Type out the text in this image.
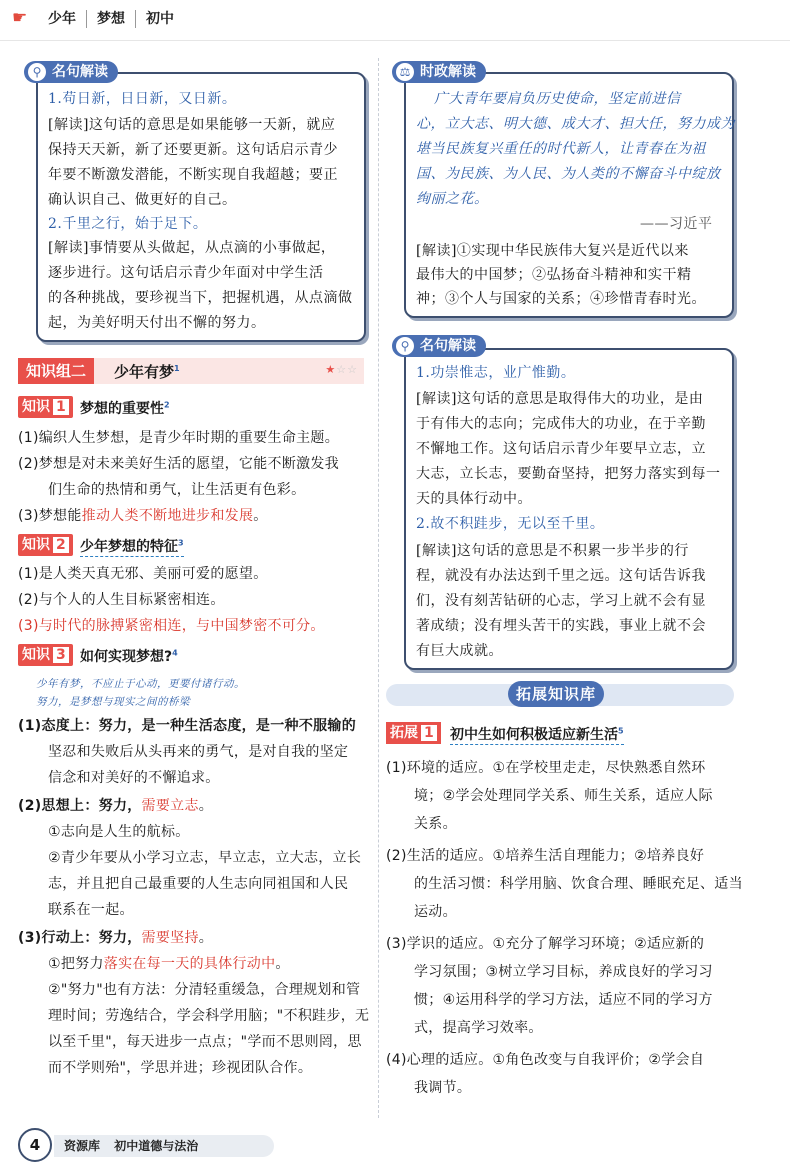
☛	少年	梦想	初中
⚲ 名句解读
1.苟日新，日日新，又日新。
[解读]这句话的意思是如果能够一天新，就应
保持天天新，新了还要更新。这句话启示青少
年要不断激发潜能，不断实现自我超越；要正
确认识自己、做更好的自己。
2.千里之行，始于足下。
[解读]事情要从头做起，从点滴的小事做起，
逐步进行。这句话启示青少年面对中学生活
的各种挑战，要珍视当下，把握机遇，从点滴做
起，为美好明天付出不懈的努力。
知识组二	少年有梦$^1$	★☆☆
知识 1	梦想的重要性$^2$
(1)编织人生梦想，是青少年时期的重要生命主题。
(2)梦想是对未来美好生活的愿望，它能不断激发我
们生命的热情和勇气，让生活更有色彩。
(3)梦想能推动人类不断地进步和发展。
知识 2	少年梦想的特征$^3$
(1)是人类天真无邪、美丽可爱的愿望。
(2)与个人的人生目标紧密相连。
(3)与时代的脉搏紧密相连，与中国梦密不可分。
知识 3	如何实现梦想?$^4$
少年有梦，不应止于心动，更要付诸行动。
努力，是梦想与现实之间的桥梁
(1)态度上：努力，是一种生活态度，是一种不服输的
坚忍和失败后从头再来的勇气，是对自我的坚定
信念和对美好的不懈追求。
(2)思想上：努力，需要立志。
①志向是人生的航标。
②青少年要从小学习立志，早立志，立大志，立长
志，并且把自己最重要的人生志向同祖国和人民
联系在一起。
(3)行动上：努力，需要坚持。
①把努力落实在每一天的具体行动中。
②"努力"也有方法：分清轻重缓急，合理规划和管
理时间；劳逸结合，学会科学用脑；"不积跬步，无
以至千里"，每天进步一点点；"学而不思则罔，思
而不学则殆"，学思并进；珍视团队合作。
⚖ 时政解读
广大青年要肩负历史使命，坚定前进信
心，立大志、明大德、成大才、担大任，努力成为
堪当民族复兴重任的时代新人，让青春在为祖
国、为民族、为人民、为人类的不懈奋斗中绽放
绚丽之花。
——习近平
[解读]①实现中华民族伟大复兴是近代以来
最伟大的中国梦；②弘扬奋斗精神和实干精
神；③个人与国家的关系；④珍惜青春时光。
⚲ 名句解读
1.功崇惟志，业广惟勤。
[解读]这句话的意思是取得伟大的功业，是由
于有伟大的志向；完成伟大的功业，在于辛勤
不懈地工作。这句话启示青少年要早立志，立
大志，立长志，要勤奋坚持，把努力落实到每一
天的具体行动中。
2.故不积跬步，无以至千里。
[解读]这句话的意思是不积累一步半步的行
程，就没有办法达到千里之远。这句话告诉我
们，没有刻苦钻研的心志，学习上就不会有显
著成绩；没有埋头苦干的实践，事业上就不会
有巨大成就。
拓展知识库
拓展 1	初中生如何积极适应新生活$^5$
(1)环境的适应。①在学校里走走，尽快熟悉自然环
境；②学会处理同学关系、师生关系，适应人际
关系。
(2)生活的适应。①培养生活自理能力；②培养良好
的生活习惯：科学用脑、饮食合理、睡眠充足、适当
运动。
(3)学识的适应。①充分了解学习环境；②适应新的
学习氛围；③树立学习目标，养成良好的学习习
惯；④运用科学的学习方法，适应不同的学习方
式，提高学习效率。
(4)心理的适应。①角色改变与自我评价；②学会自
我调节。
4	资源库 初中道德与法治
